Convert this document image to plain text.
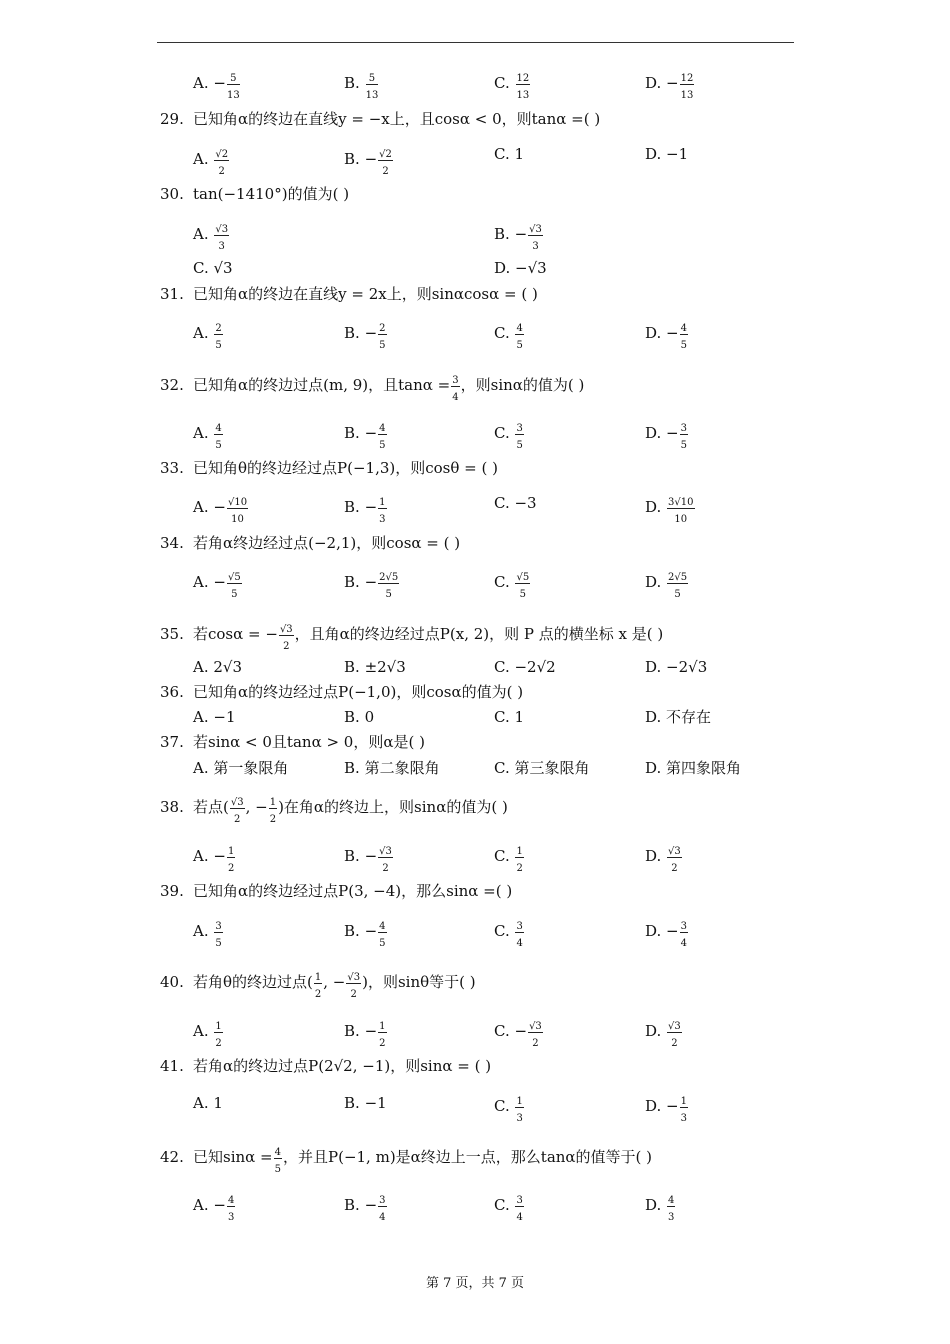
A. − $\frac{5}{13}$	B. $\frac{5}{13}$	C. $\frac{12}{13}$	D. − $\frac{12}{13}$
29. 已知角α的终边在直线y = −x上，且cosα < 0，则tanα =( )
A. $\frac{√2}{2}$	B. − $\frac{√2}{2}$	C. 1	D. −1
30. tan(−1410°)的值为( )
A. $\frac{√3}{3}$	B. − $\frac{√3}{3}$
C. √3	D. −√3
31. 已知角α的终边在直线y = 2x上，则sinαcosα = ( )
A. $\frac{2}{5}$	B. − $\frac{2}{5}$	C. $\frac{4}{5}$	D. − $\frac{4}{5}$
32. 已知角α的终边过点(m, 9)，且$\tan\alpha = \frac{3}{4}$ ，则sinα的值为( )
A. $\frac{4}{5}$	B. − $\frac{4}{5}$	C. $\frac{3}{5}$	D. − $\frac{3}{5}$
33. 已知角θ的终边经过点P(−1,3)，则cosθ = ( )
A. − $\frac{√10}{10}$	B. − $\frac{1}{3}$	C. −3	D. $\frac{3√10}{10}$
34. 若角α终边经过点(−2,1)，则cosα = ( )
A. − $\frac{√5}{5}$	B. − $\frac{2√5}{5}$	C. $\frac{√5}{5}$	D. $\frac{2√5}{5}$
35. 若cosα = − $\frac{√3}{2}$ ，且角α的终边经过点P(x, 2)，则 P 点的横坐标 x 是( )
A. 2√3	B. ±2√3	C. −2√2	D. −2√3
36. 已知角α的终边经过点P(−1,0)，则cosα的值为( )
A. −1	B. 0	C. 1	D. 不存在
37. 若sinα < 0且tanα > 0，则α是( )
A. 第一象限角	B. 第二象限角	C. 第三象限角	D. 第四象限角
38. 若点( $\frac{√3}{2}$ , − $\frac{1}{2}$ )在角α的终边上，则sinα的值为( )
A. − $\frac{1}{2}$	B. − $\frac{√3}{2}$	C. $\frac{1}{2}$	D. $\frac{√3}{2}$
39. 已知角α的终边经过点P(3, −4)，那么sinα =( )
A. $\frac{3}{5}$	B. − $\frac{4}{5}$	C. $\frac{3}{4}$	D. − $\frac{3}{4}$
40. 若角θ的终边过点( $\frac{1}{2}$ , − $\frac{√3}{2}$ )，则sinθ等于( )
A. $\frac{1}{2}$	B. − $\frac{1}{2}$	C. − $\frac{√3}{2}$	D. $\frac{√3}{2}$
41. 若角α的终边过点P(2√2, −1)，则sinα = ( )
A. 1	B. −1	C. $\frac{1}{3}$	D. − $\frac{1}{3}$
42. 已知$\sin\alpha = \frac{4}{5}$ ，并且P(−1, m)是α终边上一点，那么tanα的值等于( )
A. − $\frac{4}{3}$	B. − $\frac{3}{4}$	C. $\frac{3}{4}$	D. $\frac{4}{3}$
第 7 页，共 7 页
